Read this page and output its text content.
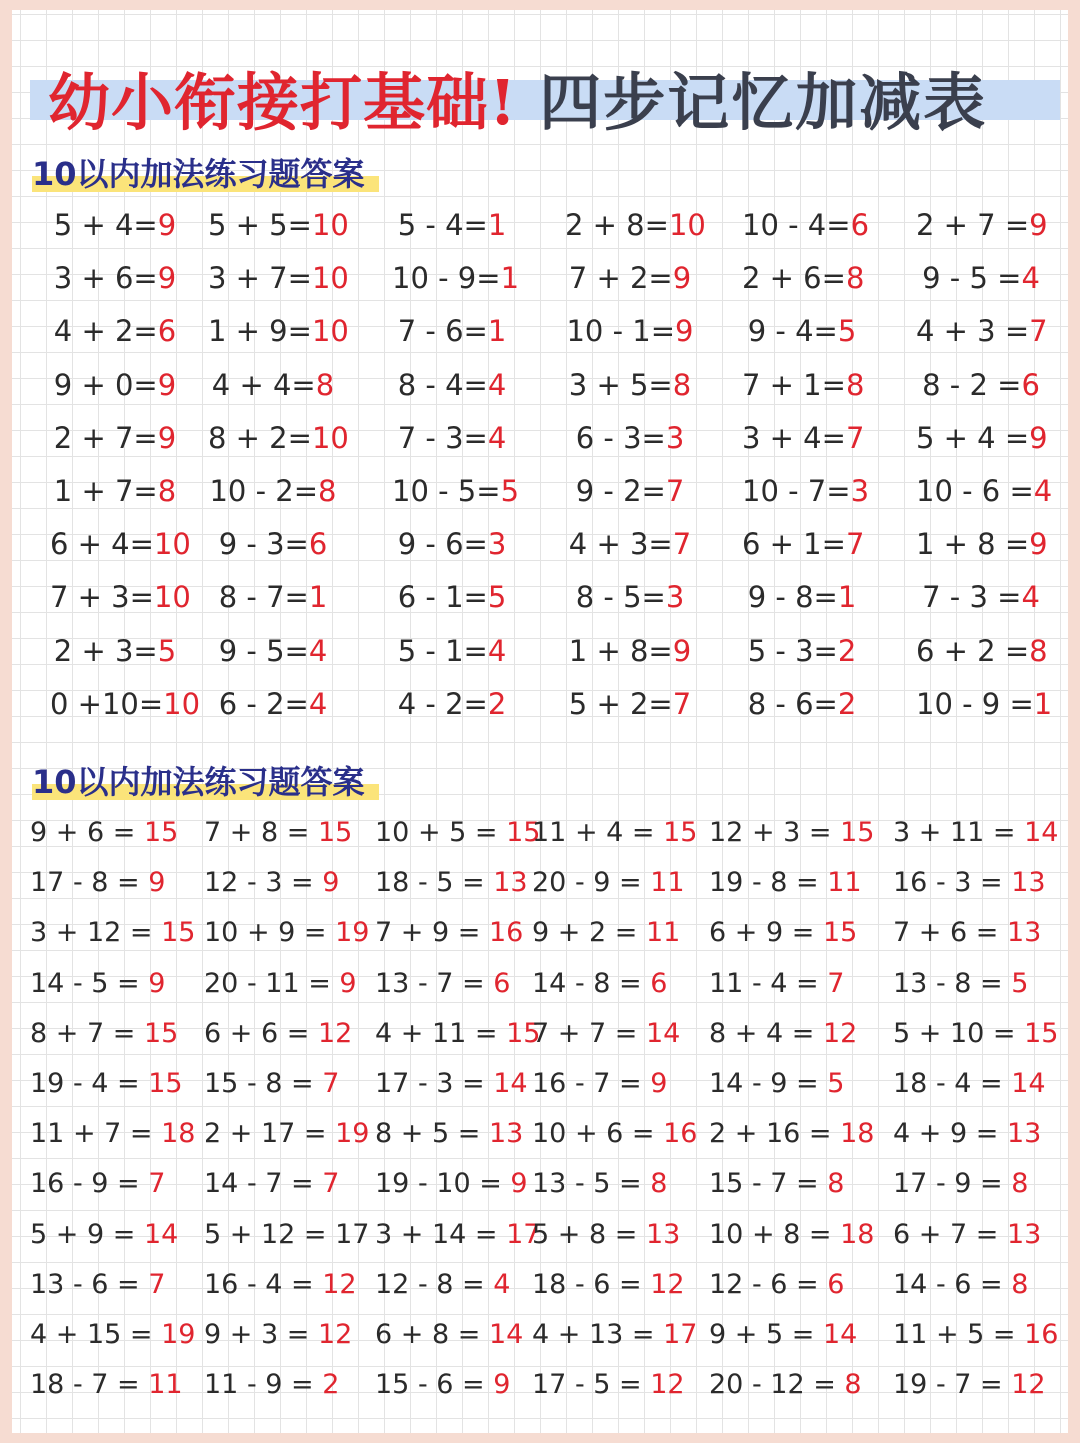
幼小衔接打基础! 四步记忆加减表
10以内加法练习题答案
5 + 4=9
3 + 6=9
4 + 2=6
9 + 0=9
2 + 7=9
1 + 7=8
6 + 4=10
7 + 3=10
2 + 3=5
0 +10=10
5 + 5=10
3 + 7=10
1 + 9=10
4 + 4=8
8 + 2=10
10 - 2=8
9 - 3=6
8 - 7=1
9 - 5=4
6 - 2=4
5 - 4=1
10 - 9=1
7 - 6=1
8 - 4=4
7 - 3=4
10 - 5=5
9 - 6=3
6 - 1=5
5 - 1=4
4 - 2=2
2 + 8=10
7 + 2=9
10 - 1=9
3 + 5=8
6 - 3=3
9 - 2=7
4 + 3=7
8 - 5=3
1 + 8=9
5 + 2=7
10 - 4=6
2 + 6=8
9 - 4=5
7 + 1=8
3 + 4=7
10 - 7=3
6 + 1=7
9 - 8=1
5 - 3=2
8 - 6=2
2 + 7 =9
9 - 5 =4
4 + 3 =7
8 - 2 =6
5 + 4 =9
10 - 6 =4
1 + 8 =9
7 - 3 =4
6 + 2 =8
10 - 9 =1
10以内加法练习题答案
9 + 6 = 15
17 - 8 = 9
3 + 12 = 15
14 - 5 = 9
8 + 7 = 15
19 - 4 = 15
11 + 7 = 18
16 - 9 = 7
5 + 9 = 14
13 - 6 = 7
4 + 15 = 19
18 - 7 = 11
7 + 8 = 15
12 - 3 = 9
10 + 9 = 19
20 - 11 = 9
6 + 6 = 12
15 - 8 = 7
2 + 17 = 19
14 - 7 = 7
5 + 12 = 17
16 - 4 = 12
9 + 3 = 12
11 - 9 = 2
10 + 5 = 15
18 - 5 = 13
7 + 9 = 16
13 - 7 = 6
4 + 11 = 15
17 - 3 = 14
8 + 5 = 13
19 - 10 = 9
3 + 14 = 17
12 - 8 = 4
6 + 8 = 14
15 - 6 = 9
11 + 4 = 15
20 - 9 = 11
9 + 2 = 11
14 - 8 = 6
7 + 7 = 14
16 - 7 = 9
10 + 6 = 16
13 - 5 = 8
5 + 8 = 13
18 - 6 = 12
4 + 13 = 17
17 - 5 = 12
12 + 3 = 15
19 - 8 = 11
6 + 9 = 15
11 - 4 = 7
8 + 4 = 12
14 - 9 = 5
2 + 16 = 18
15 - 7 = 8
10 + 8 = 18
12 - 6 = 6
9 + 5 = 14
20 - 12 = 8
3 + 11 = 14
16 - 3 = 13
7 + 6 = 13
13 - 8 = 5
5 + 10 = 15
18 - 4 = 14
4 + 9 = 13
17 - 9 = 8
6 + 7 = 13
14 - 6 = 8
11 + 5 = 16
19 - 7 = 12
